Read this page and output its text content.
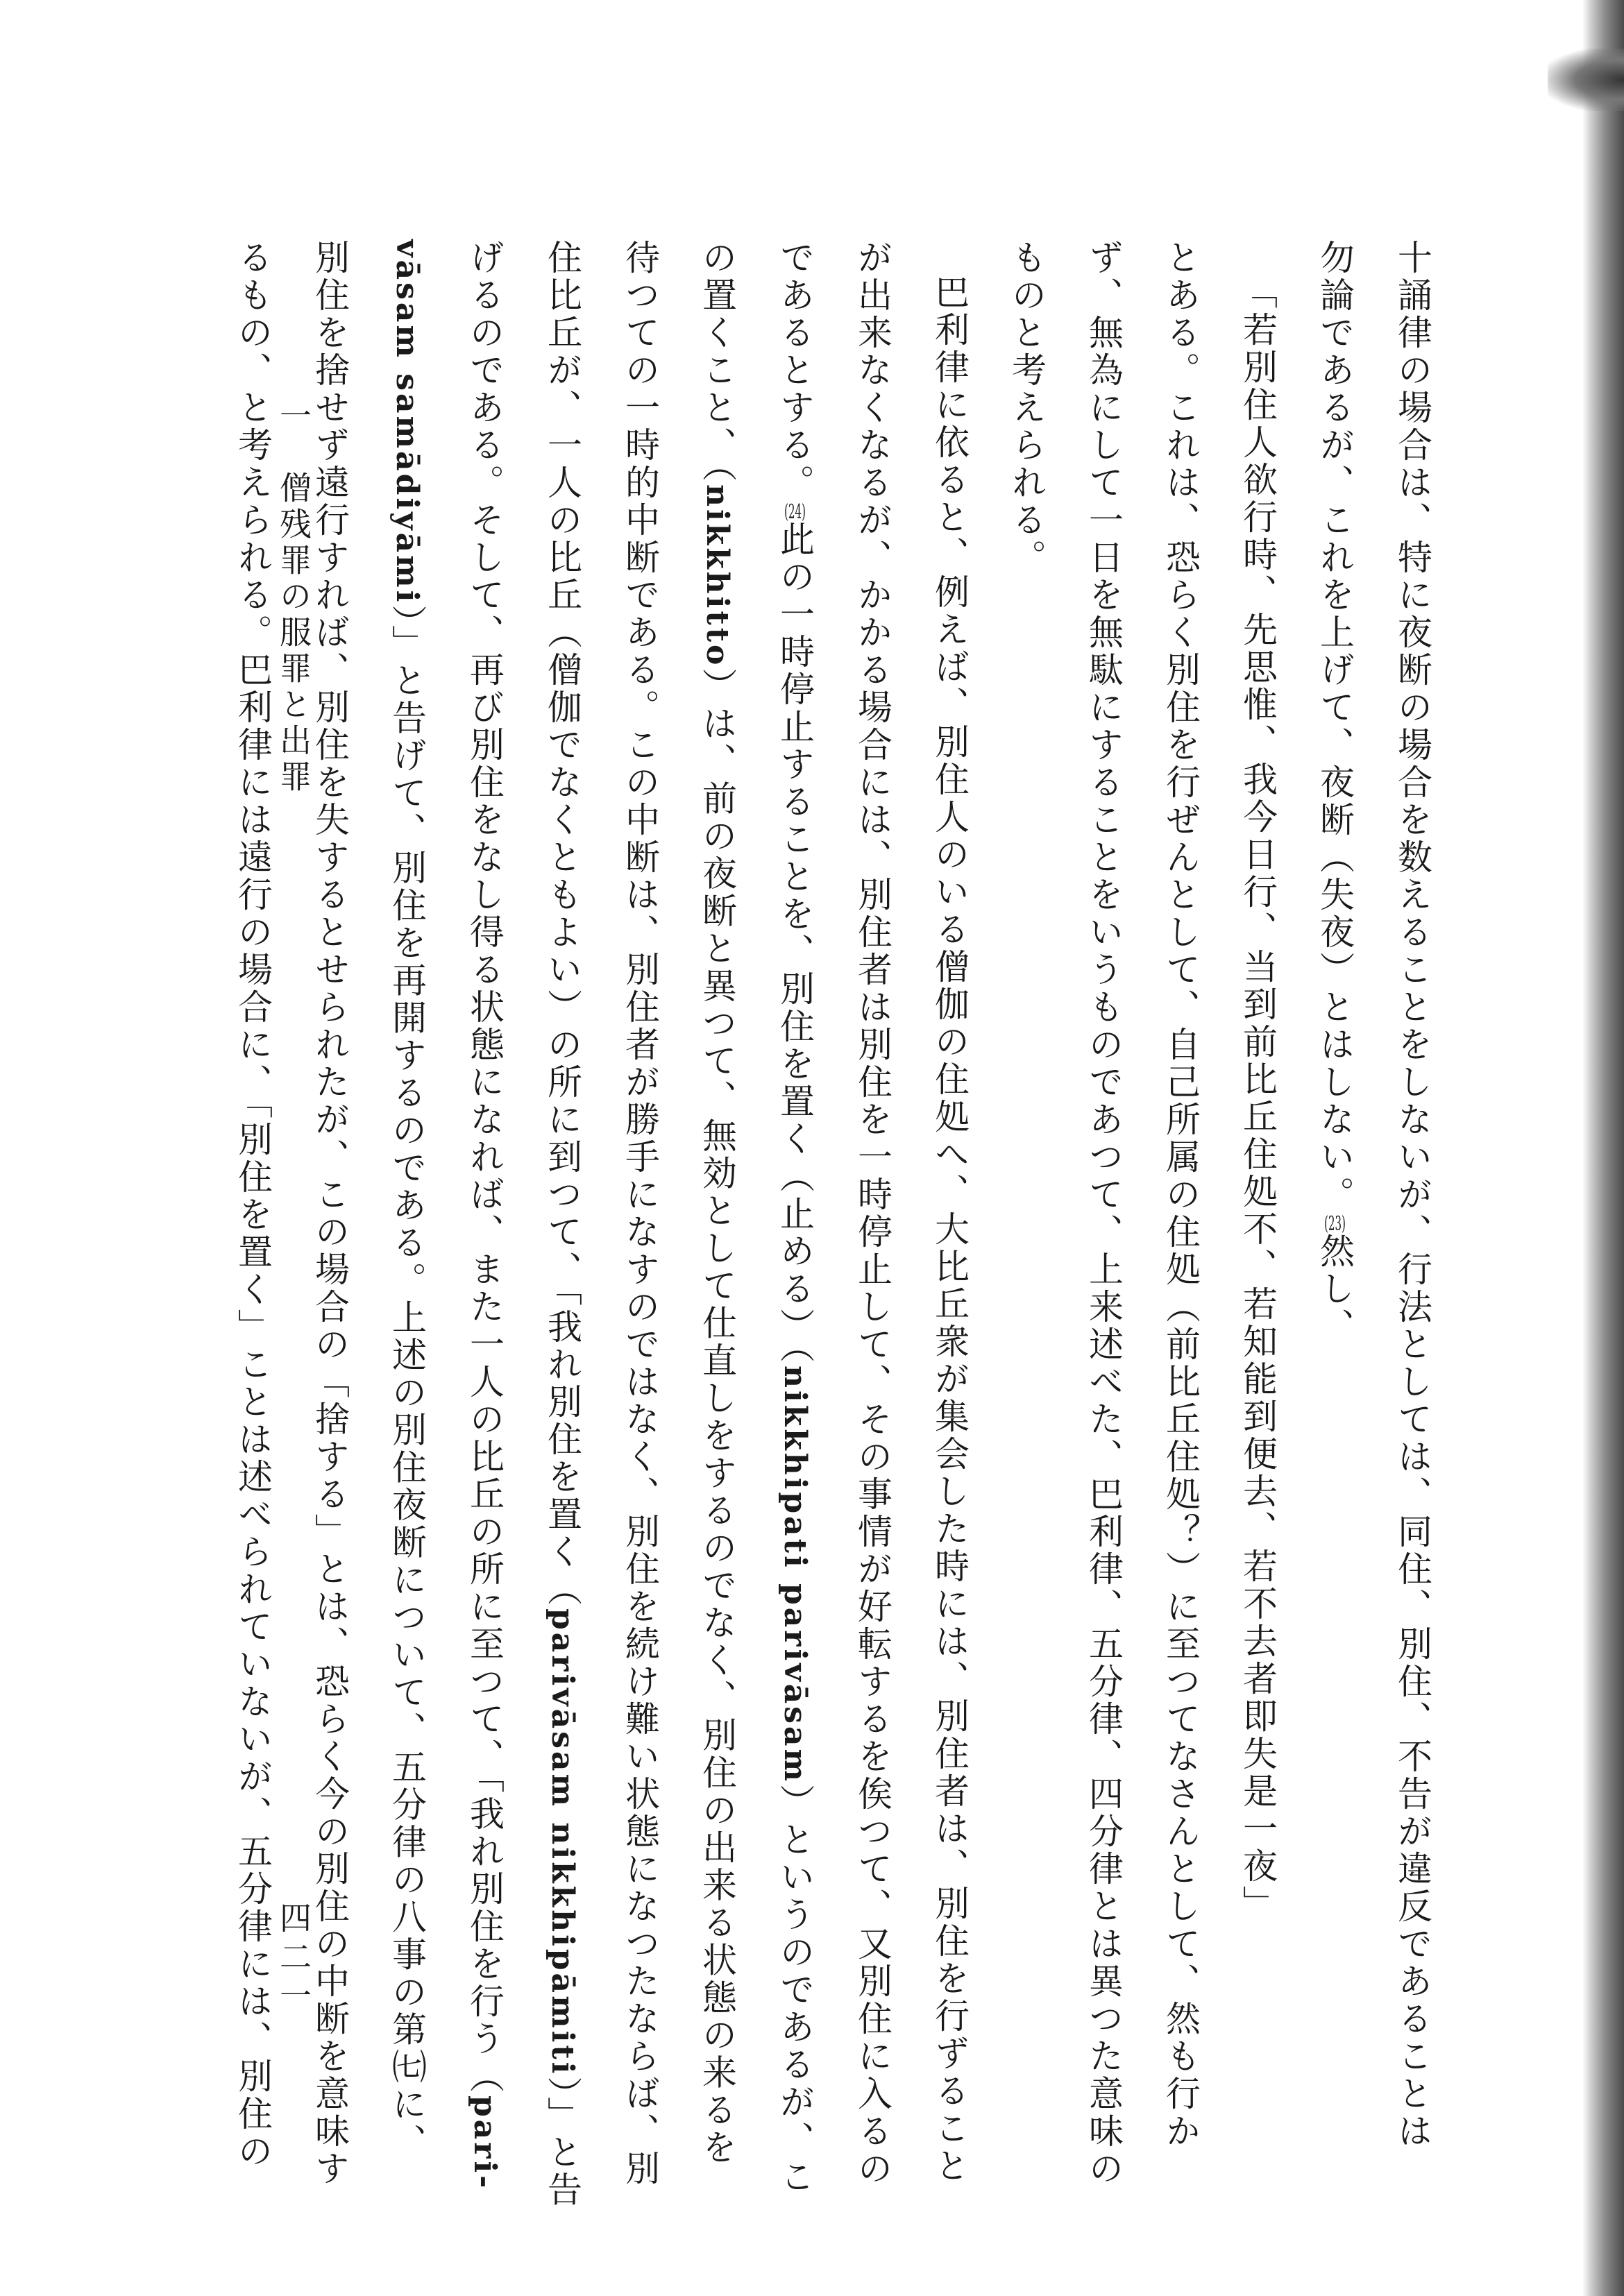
十誦律の場合は、特に夜断の場合を数えることをしないが、行法としては、同住、別住、不告が違反であることは
勿論であるが、これを上げて、夜断（失夜）とはしない。(23)然し、
「若別住人欲行時、先思惟、我今日行、当到前比丘住処不、若知能到便去、若不去者即失是一夜」
とある。これは、恐らく別住を行ぜんとして、自己所属の住処（前比丘住処？）に至つてなさんとして、然も行か
ず、無為にして一日を無駄にすることをいうものであつて、上来述べた、巴利律、五分律、四分律とは異つた意味の
ものと考えられる。
巴利律に依ると、例えば、別住人のいる僧伽の住処へ、大比丘衆が集会した時には、別住者は、別住を行ずること
が出来なくなるが、かかる場合には、別住者は別住を一時停止して、その事情が好転するを俟つて、又別住に入るの
であるとする。(24)此の一時停止することを、別住を置く（止める）（nikkhipati parivāsam）というのであるが、こ
の置くこと、（nikkhitto）は、前の夜断と異つて、無効として仕直しをするのでなく、別住の出来る状態の来るを
待つての一時的中断である。この中断は、別住者が勝手になすのではなく、別住を続け難い状態になつたならば、別
住比丘が、一人の比丘（僧伽でなくともよい）の所に到つて、「我れ別住を置く（parivāsam nikkhipāmiti）」と告
げるのである。そして、再び別住をなし得る状態になれば、また一人の比丘の所に至つて、「我れ別住を行う（pari-
vāsam samādiyāmi）」と告げて、別住を再開するのである。上述の別住夜断について、五分律の八事の第㈦に、
別住を捨せず遠行すれば、別住を失するとせられたが、この場合の「捨する」とは、恐らく今の別住の中断を意味す
るもの、と考えられる。巴利律には遠行の場合に、「別住を置く」ことは述べられていないが、五分律には、別住の 一　僧残罪の服罪と出罪
四二一
